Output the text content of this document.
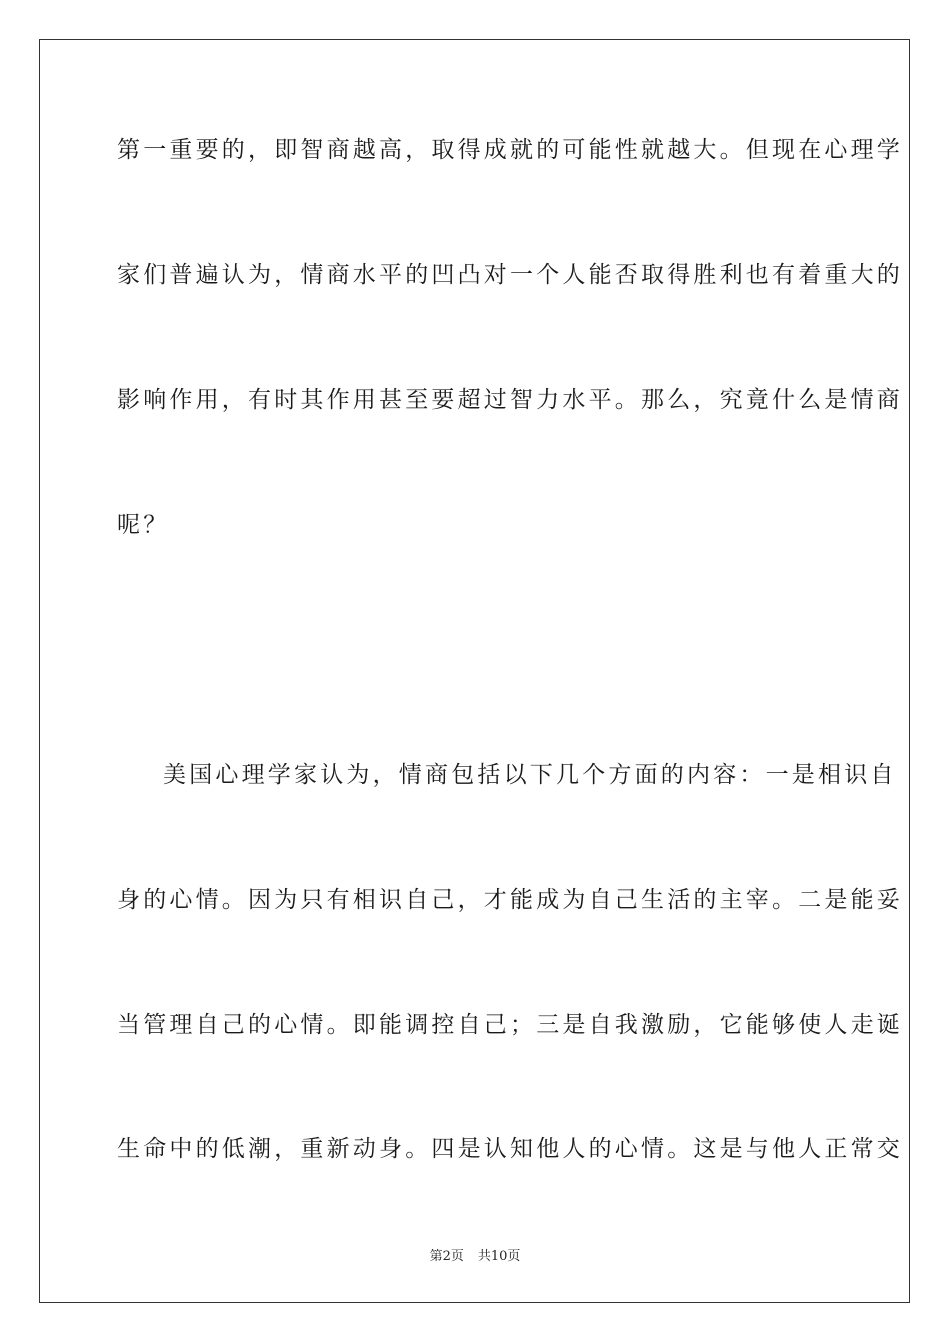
第一重要的，即智商越高，取得成就的可能性就越大。但现在心理学
家们普遍认为，情商水平的凹凸对一个人能否取得胜利也有着重大的
影响作用，有时其作用甚至要超过智力水平。那么，究竟什么是情商
呢？
美国心理学家认为，情商包括以下几个方面的内容：一是相识自
身的心情。因为只有相识自己，才能成为自己生活的主宰。二是能妥
当管理自己的心情。即能调控自己；三是自我激励，它能够使人走诞
生命中的低潮，重新动身。四是认知他人的心情。这是与他人正常交
第2页 共10页
